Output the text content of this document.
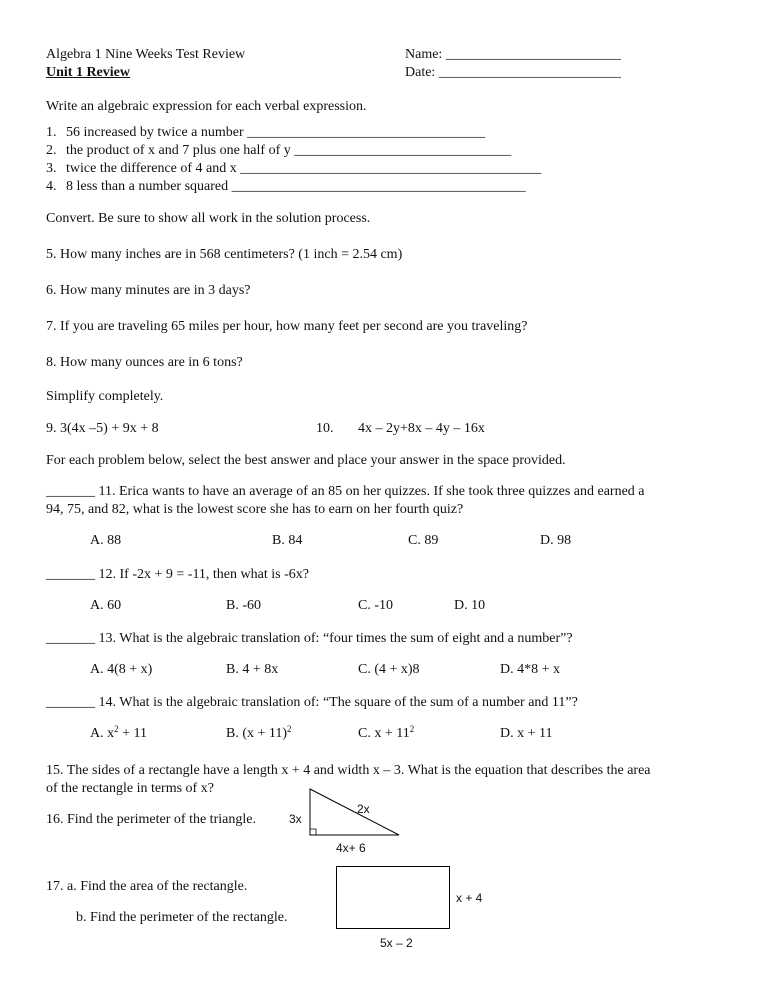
Algebra 1 Nine Weeks Test Review
Unit 1 Review
Name: _________________________
Date: __________________________
Write an algebraic expression for each verbal expression.
1. 56 increased by twice a number __________________________________
2. the product of x and 7 plus one half of y _______________________________
3. twice the difference of 4 and x ___________________________________________
4. 8 less than a number squared __________________________________________
Convert. Be sure to show all work in the solution process.
5. How many inches are in 568 centimeters? (1 inch = 2.54 cm)
6. How many minutes are in 3 days?
7. If you are traveling 65 miles per hour, how many feet per second are you traveling?
8. How many ounces are in 6 tons?
Simplify completely.
9. 3(4x –5) + 9x + 8	10. 4x – 2y+8x – 4y – 16x
For each problem below, select the best answer and place your answer in the space provided.
_______ 11. Erica wants to have an average of an 85 on her quizzes. If she took three quizzes and earned a
94, 75, and 82, what is the lowest score she has to earn on her fourth quiz?
A. 88	B. 84	C. 89	D. 98
_______ 12. If -2x + 9 = -11, then what is -6x?
A. 60	B. -60	C. -10	D. 10
_______ 13. What is the algebraic translation of: “four times the sum of eight and a number”?
A. 4(8 + x)	B. 4 + 8x	C. (4 + x)8	D. 4*8 + x
_______ 14. What is the algebraic translation of: “The square of the sum of a number and 11”?
A. $x^2 + 11$	B. $(x + 11)^2$	C. $x + 11^2$	D. x + 11
15. The sides of a rectangle have a length x + 4 and width x – 3. What is the equation that describes the area
of the rectangle in terms of x?
16. Find the perimeter of the triangle.	3x
2x
4x+ 6
17. a. Find the area of the rectangle.
b. Find the perimeter of the rectangle.
x + 4
5x – 2
